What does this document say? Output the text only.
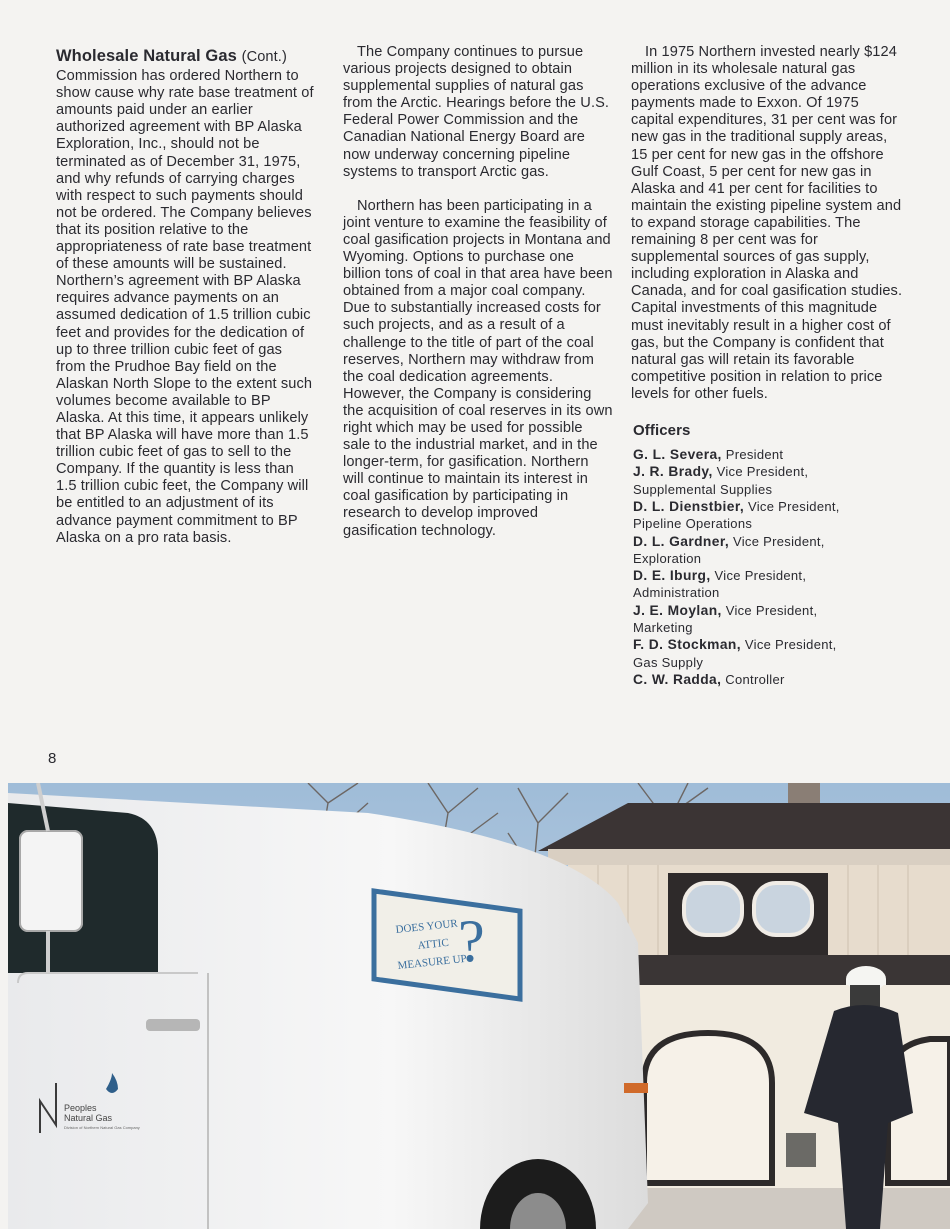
Wholesale Natural Gas (Cont.)

Commission has ordered Northern to show cause why rate base treatment of amounts paid under an earlier authorized agreement with BP Alaska Exploration, Inc., should not be terminated as of December 31, 1975, and why refunds of carrying charges with respect to such payments should not be ordered. The Company believes that its position relative to the appropriateness of rate base treatment of these amounts will be sustained. Northern’s agreement with BP Alaska requires advance payments on an assumed dedication of 1.5 trillion cubic feet and provides for the dedication of up to three trillion cubic feet of gas from the Prudhoe Bay field on the Alaskan North Slope to the extent such volumes become available to BP Alaska. At this time, it appears unlikely that BP Alaska will have more than 1.5 trillion cubic feet of gas to sell to the Company. If the quantity is less than 1.5 trillion cubic feet, the Company will be entitled to an adjustment of its advance payment commitment to BP Alaska on a pro rata basis.

The Company continues to pursue various projects designed to obtain supplemental supplies of natural gas from the Arctic. Hearings before the U.S. Federal Power Commission and the Canadian National Energy Board are now underway concerning pipeline systems to transport Arctic gas.

Northern has been participating in a joint venture to examine the feasibility of coal gasification projects in Montana and Wyoming. Options to purchase one billion tons of coal in that area have been obtained from a major coal company. Due to substantially increased costs for such projects, and as a result of a challenge to the title of part of the coal reserves, Northern may withdraw from the coal dedication agreements. However, the Company is considering the acquisition of coal reserves in its own right which may be used for possible sale to the industrial market, and in the longer-term, for gasification. Northern will continue to maintain its interest in coal gasification by participating in research to develop improved gasification technology.

In 1975 Northern invested nearly $124 million in its wholesale natural gas operations exclusive of the advance payments made to Exxon. Of 1975 capital expenditures, 31 per cent was for new gas in the traditional supply areas, 15 per cent for new gas in the offshore Gulf Coast, 5 per cent for new gas in Alaska and 41 per cent for facilities to maintain the existing pipeline system and to expand storage capabilities. The remaining 8 per cent was for supplemental sources of gas supply, including exploration in Alaska and Canada, and for coal gasification studies. Capital investments of this magnitude must inevitably result in a higher cost of gas, but the Company is confident that natural gas will retain its favorable competitive position in relation to price levels for other fuels.

Officers
G. L. Severa, President
J. R. Brady, Vice President,
Supplemental Supplies
D. L. Dienstbier, Vice President,
Pipeline Operations
D. L. Gardner, Vice President,
Exploration
D. E. Iburg, Vice President,
Administration
J. E. Moylan, Vice President,
Marketing
F. D. Stockman, Vice President,
Gas Supply
C. W. Radda, Controller
8
DOES YOUR
ATTIC
MEASURE UP
?
Peoples
Natural Gas
Division of Northern Natural Gas Company
